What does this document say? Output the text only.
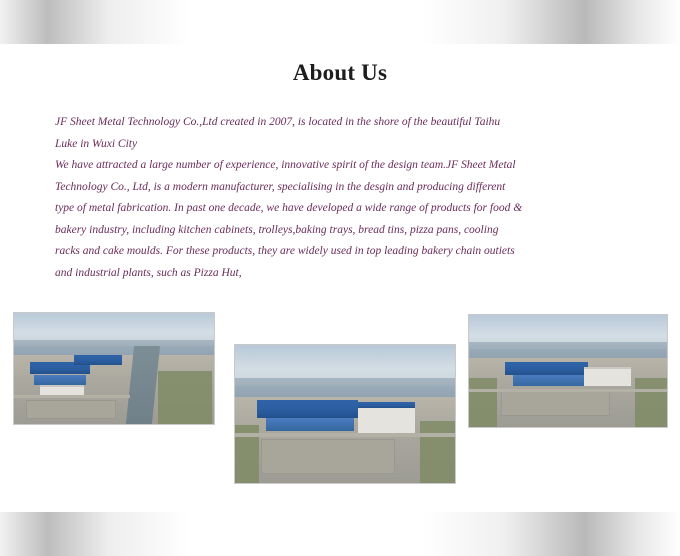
About Us

JF Sheet Metal Technology Co.,Ltd created in 2007, is located in the shore of the beautiful Taihu Luke in Wuxi City

We have attracted a large number of experience, innovative spirit of the design team.JF Sheet Metal Technology Co., Ltd, is a modern manufacturer, specialising in the desgin and producing different type of metal fabrication. In past one decade, we have developed a wide range of products for food & bakery industry, including kitchen cabinets, trolleys,baking trays, bread tins, pizza pans, cooling racks and cake moulds. For these products, they are widely used in top leading bakery chain outiets and industrial plants, such as Pizza Hut,
